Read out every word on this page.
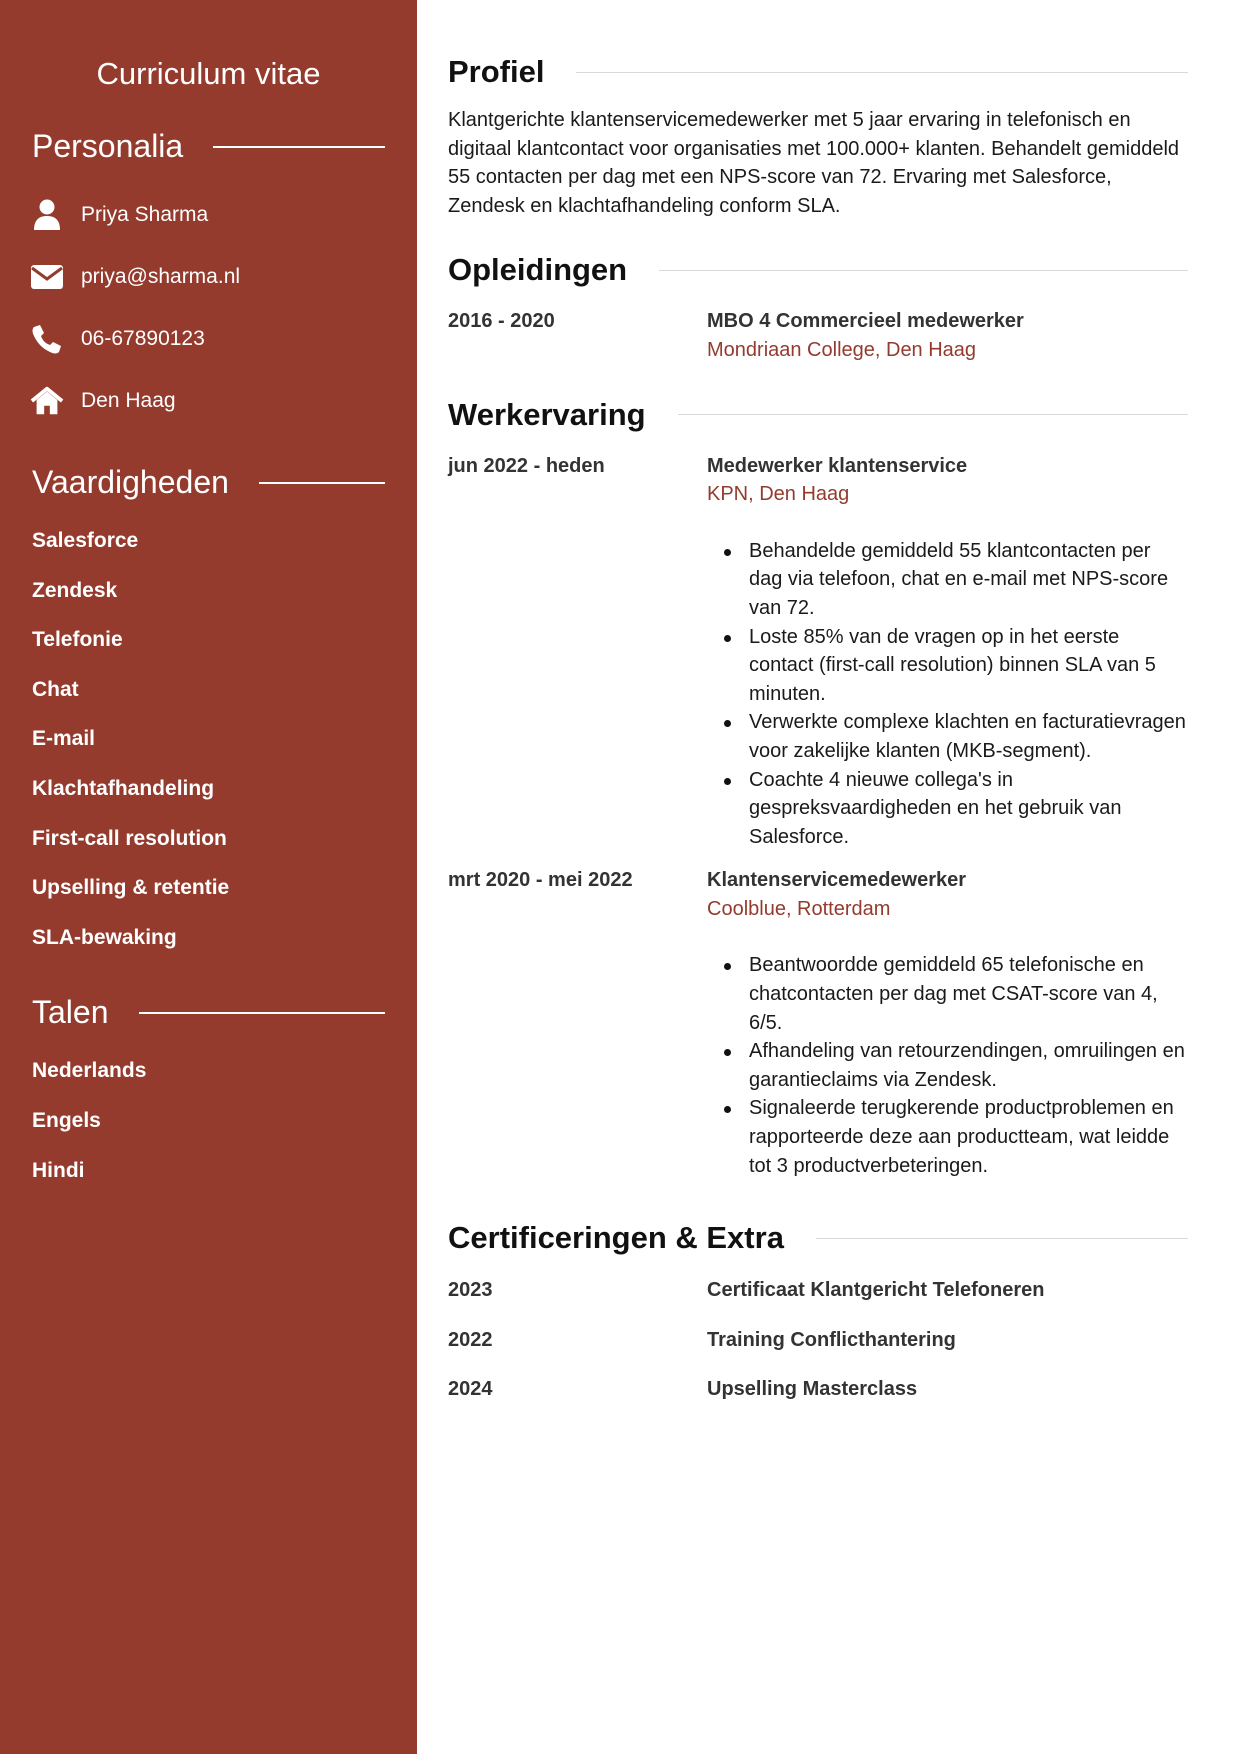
Curriculum vitae
Personalia
Priya Sharma
priya@sharma.nl
06-67890123
Den Haag
Vaardigheden
Salesforce
Zendesk
Telefonie
Chat
E-mail
Klachtafhandeling
First-call resolution
Upselling & retentie
SLA-bewaking
Talen
Nederlands
Engels
Hindi
Profiel

Klantgerichte klantenservicemedewerker met 5 jaar ervaring in telefonisch en digitaal klantcontact voor organisaties met 100.000+ klanten. Behandelt gemiddeld 55 contacten per dag met een NPS-score van 72. Ervaring met Salesforce, Zendesk en klachtafhandeling conform SLA.

Opleidingen
2016 - 2020	MBO 4 Commercieel medewerker
Mondriaan College, Den Haag
Werkervaring
jun 2022 - heden	Medewerker klantenservice
KPN, Den Haag
Behandelde gemiddeld 55 klantcontacten per dag via telefoon, chat en e-mail met NPS-score van 72.
Loste 85% van de vragen op in het eerste contact (first-call resolution) binnen SLA van 5 minuten.
Verwerkte complexe klachten en facturatievragen voor zakelijke klanten (MKB-segment).
Coachte 4 nieuwe collega's in gespreksvaardigheden en het gebruik van Salesforce.
mrt 2020 - mei 2022	Klantenservicemedewerker
Coolblue, Rotterdam
Beantwoordde gemiddeld 65 telefonische en chatcontacten per dag met CSAT-score van 4, 6/5.
Afhandeling van retourzendingen, omruilingen en garantieclaims via Zendesk.
Signaleerde terugkerende productproblemen en rapporteerde deze aan productteam, wat leidde tot 3 productverbeteringen.
Certificeringen & Extra
2023	Certificaat Klantgericht Telefoneren
2022	Training Conflicthantering
2024	Upselling Masterclass
